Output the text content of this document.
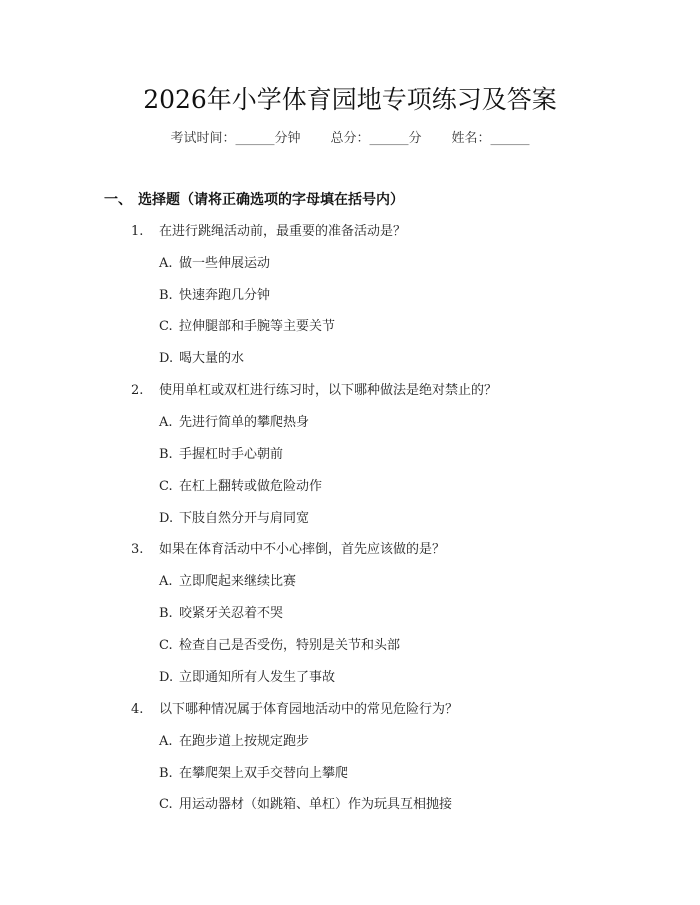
2026年小学体育园地专项练习及答案
考试时间：______分钟 总分：______分 姓名：______
一、 选择题（请将正确选项的字母填在括号内）
1. 在进行跳绳活动前，最重要的准备活动是？
A. 做一些伸展运动
B. 快速奔跑几分钟
C. 拉伸腿部和手腕等主要关节
D. 喝大量的水
2. 使用单杠或双杠进行练习时，以下哪种做法是绝对禁止的？
A. 先进行简单的攀爬热身
B. 手握杠时手心朝前
C. 在杠上翻转或做危险动作
D. 下肢自然分开与肩同宽
3. 如果在体育活动中不小心摔倒，首先应该做的是？
A. 立即爬起来继续比赛
B. 咬紧牙关忍着不哭
C. 检查自己是否受伤，特别是关节和头部
D. 立即通知所有人发生了事故
4. 以下哪种情况属于体育园地活动中的常见危险行为？
A. 在跑步道上按规定跑步
B. 在攀爬架上双手交替向上攀爬
C. 用运动器材（如跳箱、单杠）作为玩具互相抛接
